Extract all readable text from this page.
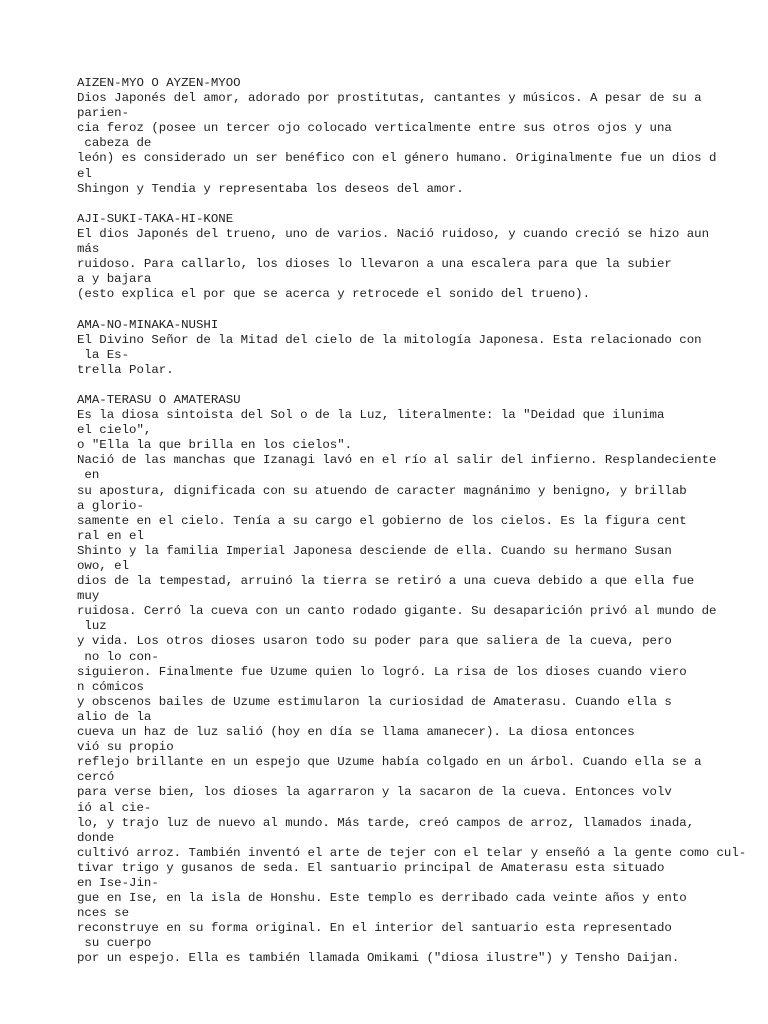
AIZEN-MYO O AYZEN-MYOO
Dios Japonés del amor, adorado por prostitutas, cantantes y músicos. A pesar de su a
parien-
cia feroz (posee un tercer ojo colocado verticalmente entre sus otros ojos y una
cabeza de
león) es considerado un ser benéfico con el género humano. Originalmente fue un dios d
el
Shingon y Tendia y representaba los deseos del amor.
AJI-SUKI-TAKA-HI-KONE
El dios Japonés del trueno, uno de varios. Nació ruidoso, y cuando creció se hizo aun
más
ruidoso. Para callarlo, los dioses lo llevaron a una escalera para que la subier
a y bajara
(esto explica el por que se acerca y retrocede el sonido del trueno).
AMA-NO-MINAKA-NUSHI
El Divino Señor de la Mitad del cielo de la mitología Japonesa. Esta relacionado con
la Es-
trella Polar.
AMA-TERASU O AMATERASU
Es la diosa sintoista del Sol o de la Luz, literalmente: la "Deidad que ilunima
el cielo",
o "Ella la que brilla en los cielos".
Nació de las manchas que Izanagi lavó en el río al salir del infierno. Resplandeciente
en
su apostura, dignificada con su atuendo de caracter magnánimo y benigno, y brillab
a glorio-
samente en el cielo. Tenía a su cargo el gobierno de los cielos. Es la figura cent
ral en el
Shinto y la familia Imperial Japonesa desciende de ella. Cuando su hermano Susan
owo, el
dios de la tempestad, arruinó la tierra se retiró a una cueva debido a que ella fue
muy
ruidosa. Cerró la cueva con un canto rodado gigante. Su desaparición privó al mundo de
luz
y vida. Los otros dioses usaron todo su poder para que saliera de la cueva, pero
no lo con-
siguieron. Finalmente fue Uzume quien lo logró. La risa de los dioses cuando viero
n cómicos
y obscenos bailes de Uzume estimularon la curiosidad de Amaterasu. Cuando ella s
alio de la
cueva un haz de luz salió (hoy en día se llama amanecer). La diosa entonces
vió su propio
reflejo brillante en un espejo que Uzume había colgado en un árbol. Cuando ella se a
cercó
para verse bien, los dioses la agarraron y la sacaron de la cueva. Entonces volv
ió al cie-
lo, y trajo luz de nuevo al mundo. Más tarde, creó campos de arroz, llamados inada,
donde
cultivó arroz. También inventó el arte de tejer con el telar y enseñó a la gente como cul-
tivar trigo y gusanos de seda. El santuario principal de Amaterasu esta situado
en Ise-Jin-
gue en Ise, en la isla de Honshu. Este templo es derribado cada veinte años y ento
nces se
reconstruye en su forma original. En el interior del santuario esta representado
su cuerpo
por un espejo. Ella es también llamada Omikami ("diosa ilustre") y Tensho Daijan.
